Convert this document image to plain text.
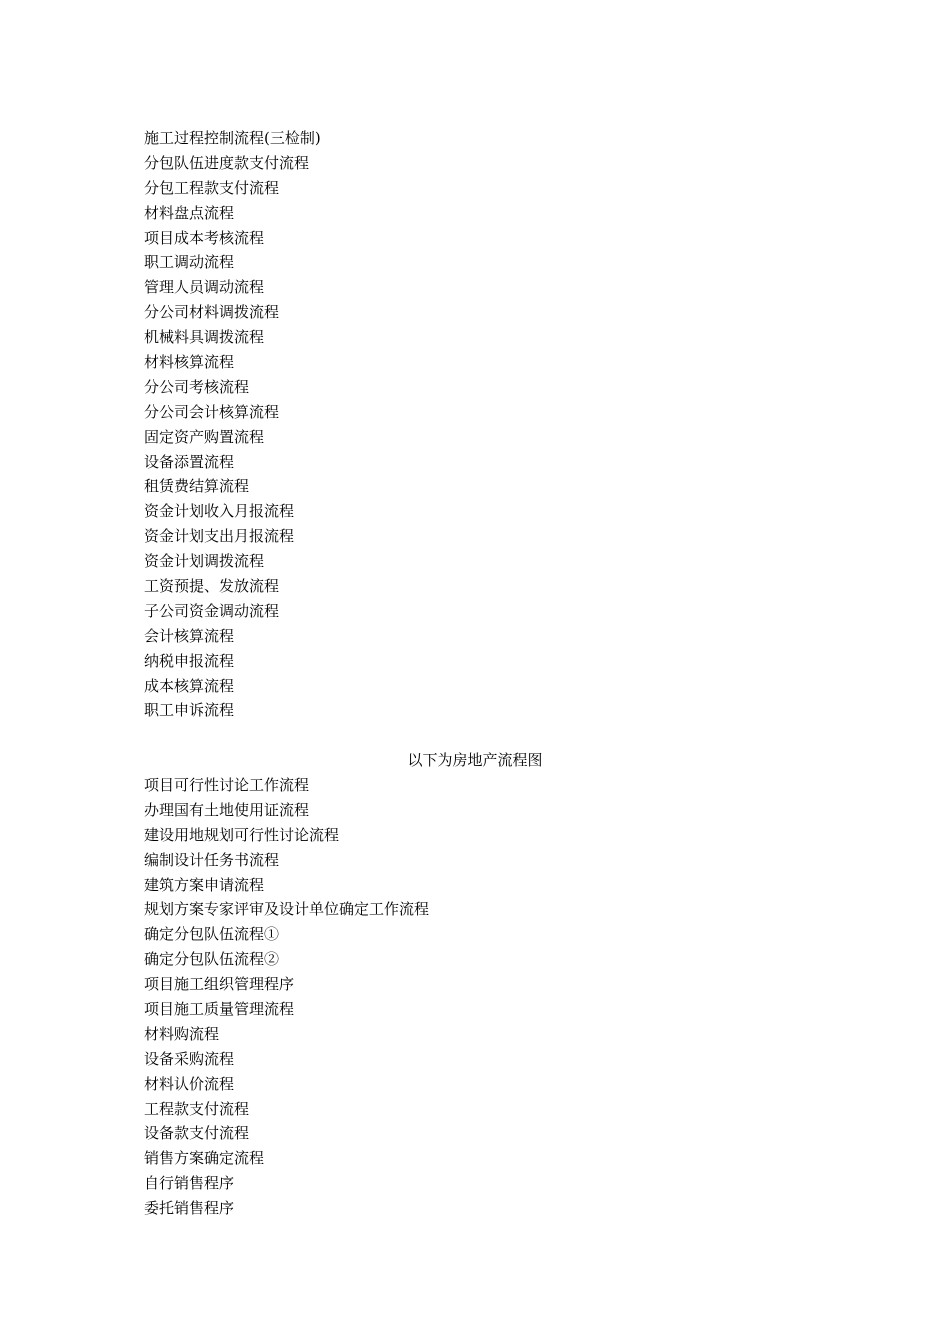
施工过程控制流程(三检制)
分包队伍进度款支付流程
分包工程款支付流程
材料盘点流程
项目成本考核流程
职工调动流程
管理人员调动流程
分公司材料调拨流程
机械料具调拨流程
材料核算流程
分公司考核流程
分公司会计核算流程
固定资产购置流程
设备添置流程
租赁费结算流程
资金计划收入月报流程
资金计划支出月报流程
资金计划调拨流程
工资预提、发放流程
子公司资金调动流程
会计核算流程
纳税申报流程
成本核算流程
职工申诉流程
以下为房地产流程图
项目可行性讨论工作流程
办理国有土地使用证流程
建设用地规划可行性讨论流程
编制设计任务书流程
建筑方案申请流程
规划方案专家评审及设计单位确定工作流程
确定分包队伍流程①
确定分包队伍流程②
项目施工组织管理程序
项目施工质量管理流程
材料购流程
设备采购流程
材料认价流程
工程款支付流程
设备款支付流程
销售方案确定流程
自行销售程序
委托销售程序
